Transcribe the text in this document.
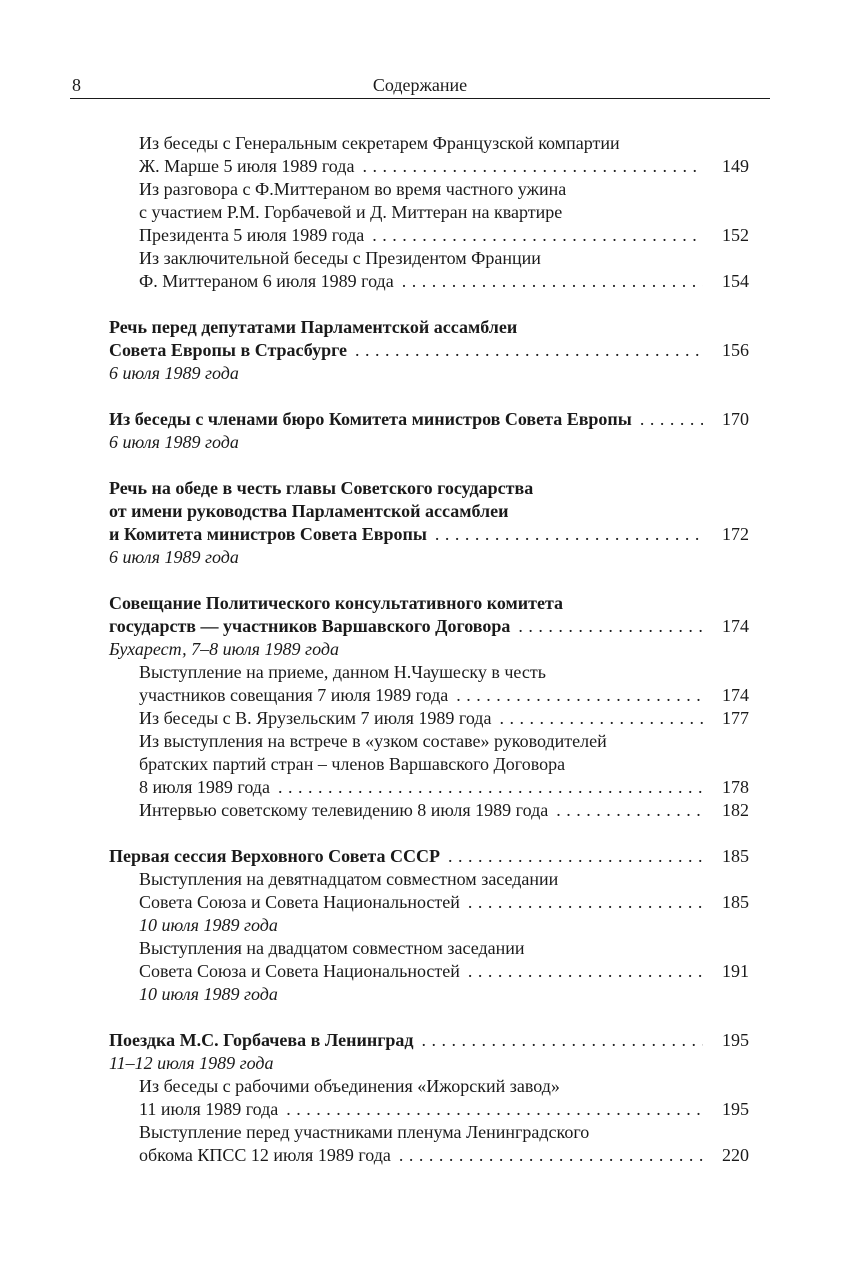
8	Содержание
Из беседы с Генеральным секретарем Французской компартии
Ж. Марше 5 июля 1989 года . . .	149
Из разговора с Ф.Миттераном во время частного ужина
с участием Р.М. Горбачевой и Д. Миттеран на квартире
Президента 5 июля 1989 года . . .	152
Из заключительной беседы с Президентом Франции
Ф. Миттераном 6 июля 1989 года . . .	154
Речь перед депутатами Парламентской ассамблеи
Совета Европы в Страсбурге . . .	156
6 июля 1989 года
Из беседы с членами бюро Комитета министров Совета Европы . . .	170
6 июля 1989 года
Речь на обеде в честь главы Советского государства
от имени руководства Парламентской ассамблеи
и Комитета министров Совета Европы . . .	172
6 июля 1989 года
Совещание Политического консультативного комитета
государств — участников Варшавского Договора . . .	174
Бухарест, 7–8 июля 1989 года
Выступление на приеме, данном Н.Чаушеску в честь
участников совещания 7 июля 1989 года . . .	174
Из беседы с В. Ярузельским 7 июля 1989 года . . .	177
Из выступления на встрече в «узком составе» руководителей
братских партий стран – членов Варшавского Договора
8 июля 1989 года . . .	178
Интервью советскому телевидению 8 июля 1989 года . . .	182
Первая сессия Верховного Совета СССР . . .	185
Выступления на девятнадцатом совместном заседании
Совета Союза и Совета Национальностей . . .	185
10 июля 1989 года
Выступления на двадцатом совместном заседании
Совета Союза и Совета Национальностей . . .	191
10 июля 1989 года
Поездка М.С. Горбачева в Ленинград . . .	195
11–12 июля 1989 года
Из беседы с рабочими объединения «Ижорский завод»
11 июля 1989 года . . .	195
Выступление перед участниками пленума Ленинградского
обкома КПСС 12 июля 1989 года . . .	220
